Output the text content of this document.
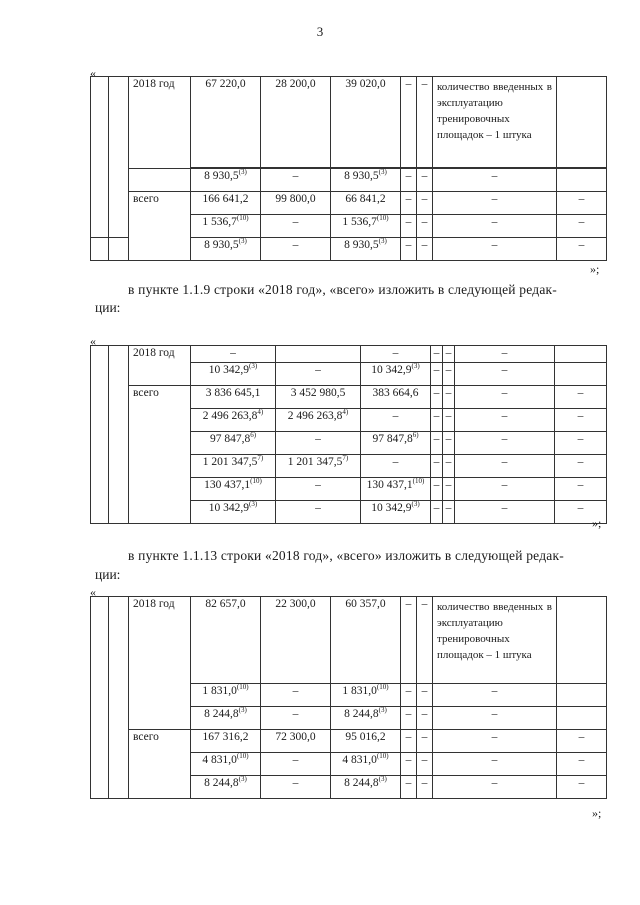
3
«
		2018 год	67 220,0	28 200,0	39 020,0	–	–	количество введенных в эксплуатацию тренировочных площадок – 1 штука	

			8 930,5$^{(3)}$	–	8 930,5$^{(3)}$	–	–	–	
		всего	166 641,2	99 800,0	66 841,2	–	–	–	–
			1 536,7$^{(10)}$	–	1 536,7$^{(10)}$	–	–	–	–
			8 930,5$^{(3)}$	–	8 930,5$^{(3)}$	–	–	–	–
»;
в пункте 1.1.9 строки «2018 год», «всего» изложить в следующей редак-
ции:
«
		2018 год	–		–	–	–	–	
			10 342,9$^{(3)}$	–	10 342,9$^{(3)}$	–	–	–	
		всего	3 836 645,1	3 452 980,5	383 664,6	–	–	–	–
			2 496 263,8$^{4)}$	2 496 263,8$^{4)}$	–	–	–	–	–
			97 847,8$^{6)}$	–	97 847,8$^{6)}$	–	–	–	–
			1 201 347,5$^{7)}$	1 201 347,5$^{7)}$	–	–	–	–	–
			130 437,1$^{(10)}$	–	130 437,1$^{(10)}$	–	–	–	–
			10 342,9$^{(3)}$	–	10 342,9$^{(3)}$	–	–	–	–
»;
в пункте 1.1.13 строки «2018 год», «всего» изложить в следующей редак-
ции:
«
		2018 год	82 657,0	22 300,0	60 357,0	–	–	количество введенных в эксплуатацию тренировочных площадок – 1 штука	
			1 831,0$^{(10)}$	–	1 831,0$^{(10)}$	–	–	–	
			8 244,8$^{(3)}$	–	8 244,8$^{(3)}$	–	–	–	
		всего	167 316,2	72 300,0	95 016,2	–	–	–	–
			4 831,0$^{(10)}$	–	4 831,0$^{(10)}$	–	–	–	–
			8 244,8$^{(3)}$	–	8 244,8$^{(3)}$	–	–	–	–
»;
